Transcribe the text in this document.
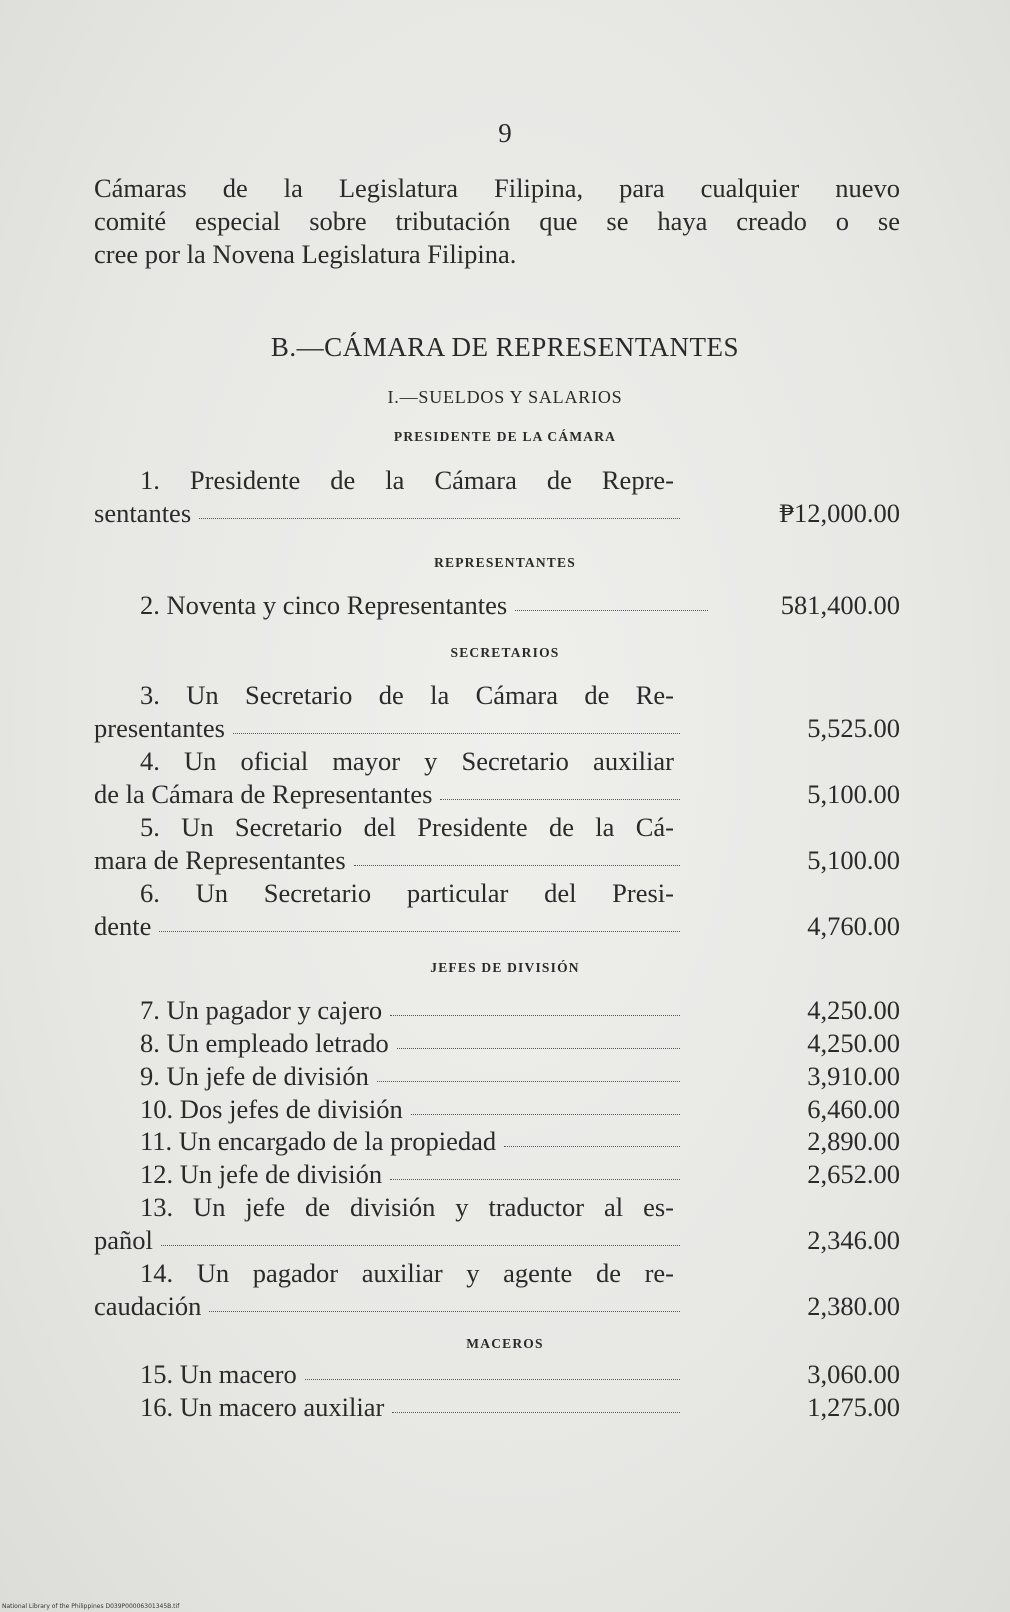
9
Cámaras de la Legislatura Filipina, para cualquier nuevo
comité especial sobre tributación que se haya creado o se
cree por la Novena Legislatura Filipina.
B.—CÁMARA DE REPRESENTANTES
I.—SUELDOS Y SALARIOS
PRESIDENTE DE LA CÁMARA
REPRESENTANTES
SECRETARIOS
JEFES DE DIVISIÓN
MACEROS
1. Presidente de la Cámara de Repre-
sentantes	₱12,000.00
2. Noventa y cinco Representantes	581,400.00
3. Un Secretario de la Cámara de Re-
presentantes	5,525.00
4. Un oficial mayor y Secretario auxiliar
de la Cámara de Representantes	5,100.00
5. Un Secretario del Presidente de la Cá-
mara de Representantes	5,100.00
6. Un Secretario particular del Presi-
dente	4,760.00
7. Un pagador y cajero	4,250.00
8. Un empleado letrado	4,250.00
9. Un jefe de división	3,910.00
10. Dos jefes de división	6,460.00
11. Un encargado de la propiedad	2,890.00
12. Un jefe de división	2,652.00
13. Un jefe de división y traductor al es-
pañol	2,346.00
14. Un pagador auxiliar y agente de re-
caudación	2,380.00
15. Un macero	3,060.00
16. Un macero auxiliar	1,275.00
National Library of the Philippines D039P00006301345B.tif
